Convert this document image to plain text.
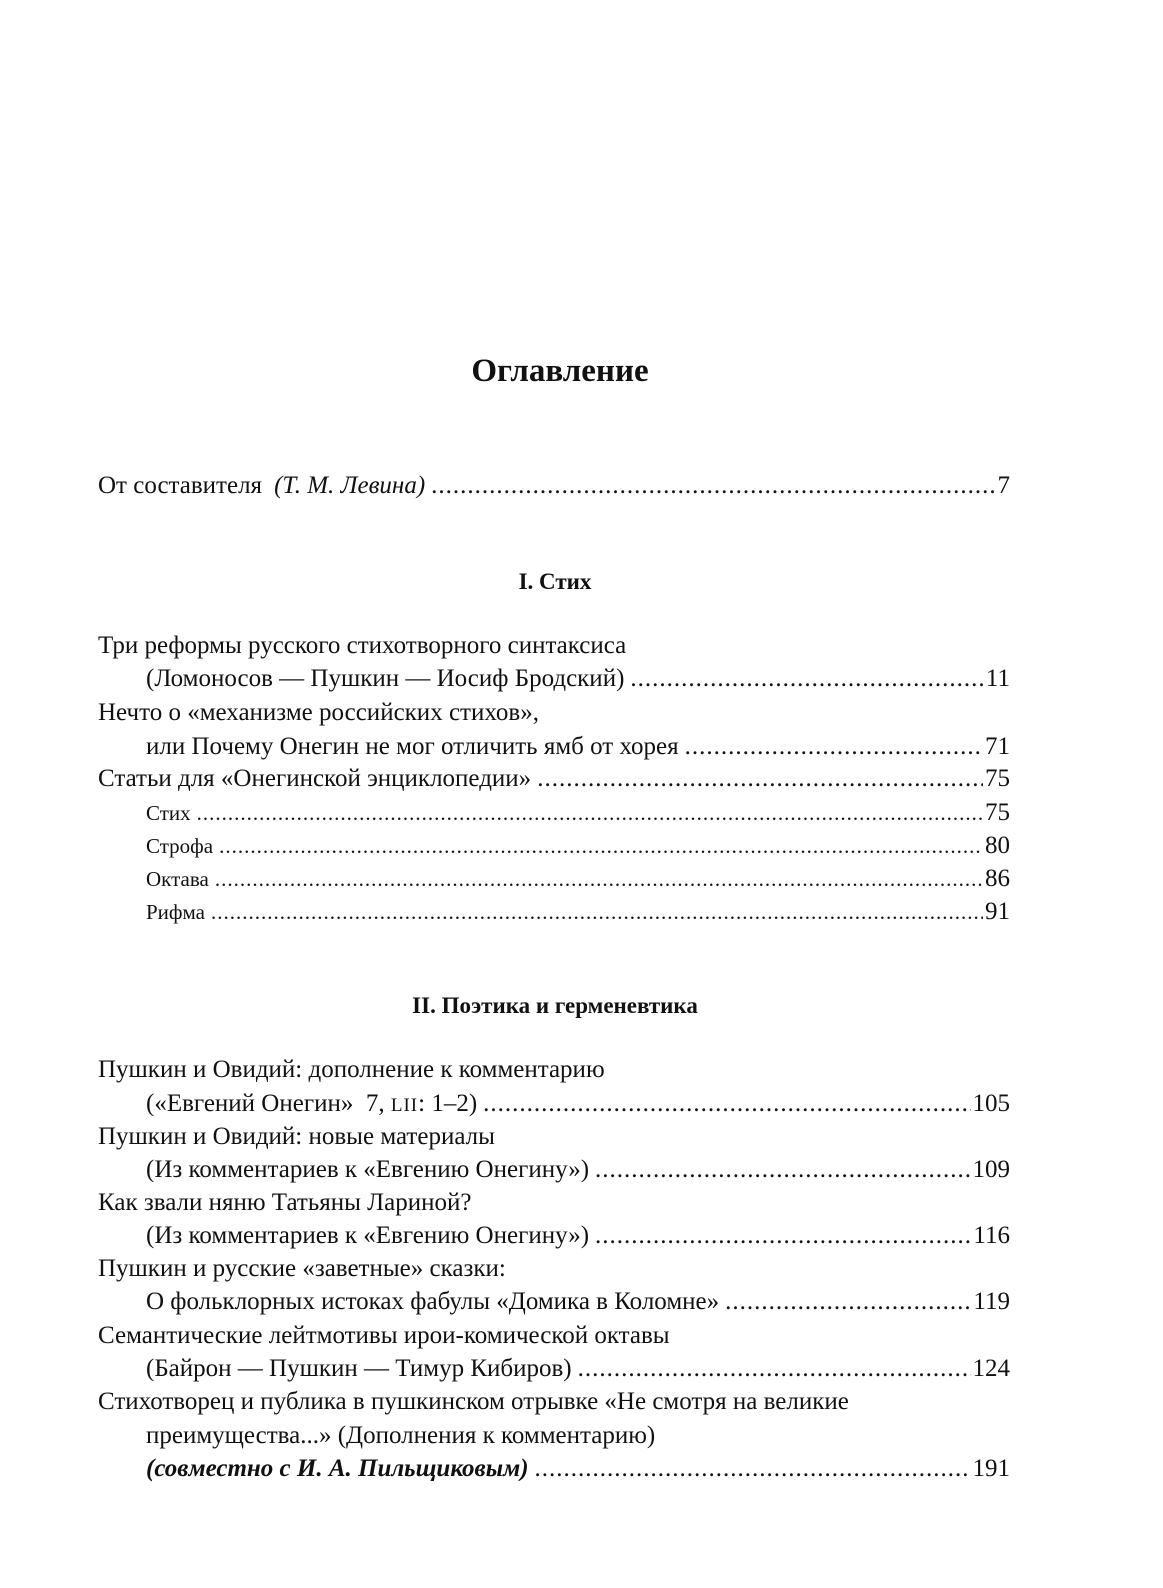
Оглавление
От составителя (Т. М. Левина) .....	7
I. Стих
Три реформы русского стихотворного синтаксиса
(Ломоносов — Пушкин — Иосиф Бродский) .....	11
Нечто о «механизме российских стихов»,
или Почему Онегин не мог отличить ямб от хорея .....	71
Статьи для «Онегинской энциклопедии» .....	75
Стих .....	75
Строфа .....	80
Октава .....	86
Рифма .....	91
II. Поэтика и герменевтика
Пушкин и Овидий: дополнение к комментарию
(«Евгений Онегин»  7, LII: 1–2) .....	105
Пушкин и Овидий: новые материалы
(Из комментариев к «Евгению Онегину») .....	109
Как звали няню Татьяны Лариной?
(Из комментариев к «Евгению Онегину») .....	116
Пушкин и русские «заветные» сказки:
О фольклорных истоках фабулы «Домика в Коломне» .....	119
Семантические лейтмотивы ирои-комической октавы
(Байрон — Пушкин — Тимур Кибиров) .....	124
Стихотворец и публика в пушкинском отрывке «Не смотря на великие
преимущества...» (Дополнения к комментарию)
(совместно с И. А. Пильщиковым) .....	191
